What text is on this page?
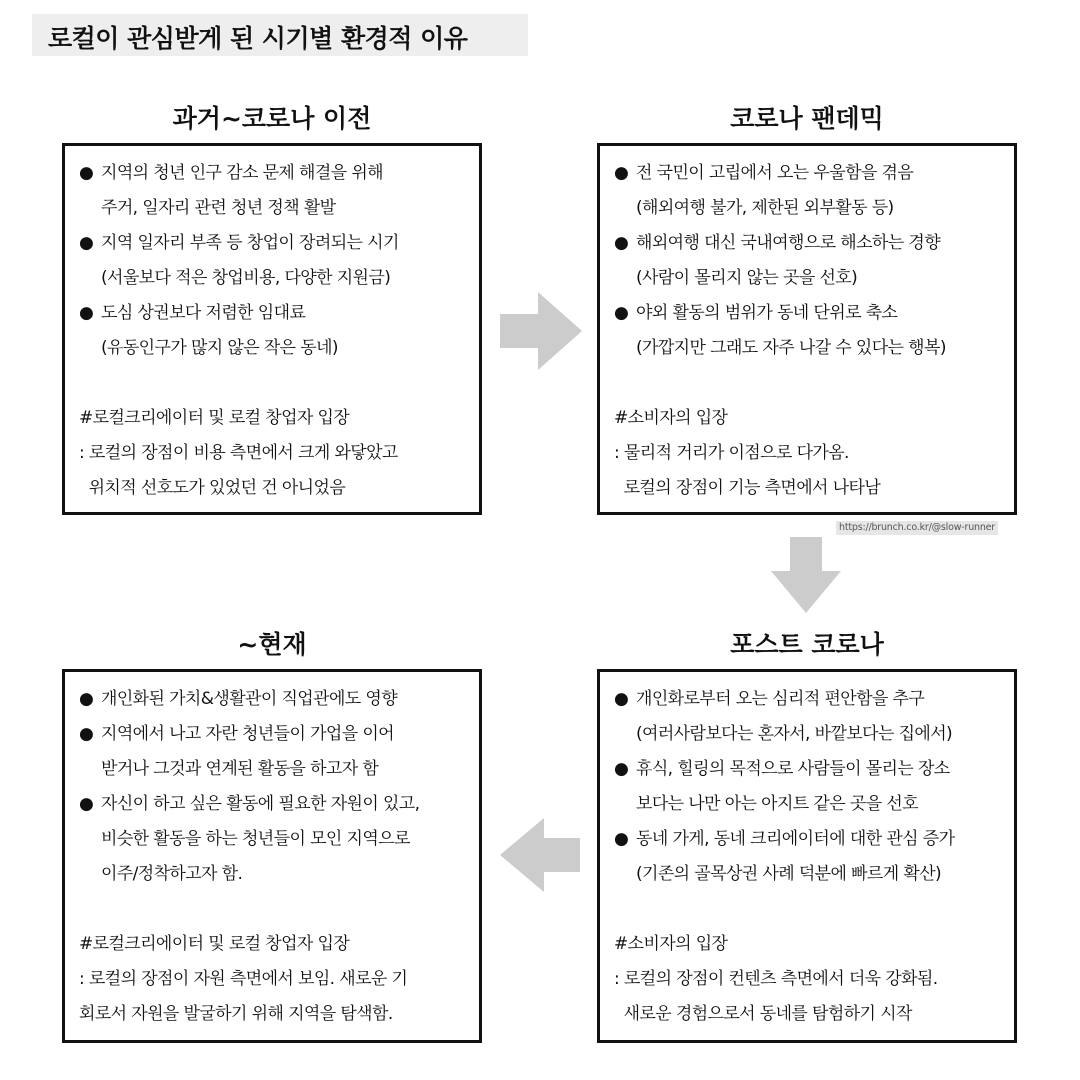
로컬이 관심받게 된 시기별 환경적 이유
과거~코로나 이전
● 지역의 청년 인구 감소 문제 해결을 위해
주거, 일자리 관련 청년 정책 활발
● 지역 일자리 부족 등 창업이 장려되는 시기
(서울보다 적은 창업비용, 다양한 지원금)
● 도심 상권보다 저렴한 임대료
(유동인구가 많지 않은 작은 동네)
#로컬크리에이터 및 로컬 창업자 입장
: 로컬의 장점이 비용 측면에서 크게 와닿았고
위치적 선호도가 있었던 건 아니었음
코로나 팬데믹
● 전 국민이 고립에서 오는 우울함을 겪음
(해외여행 불가, 제한된 외부활동 등)
● 해외여행 대신 국내여행으로 해소하는 경향
(사람이 몰리지 않는 곳을 선호)
● 야외 활동의 범위가 동네 단위로 축소
(가깝지만 그래도 자주 나갈 수 있다는 행복)
#소비자의 입장
: 물리적 거리가 이점으로 다가옴.
로컬의 장점이 기능 측면에서 나타남
~현재
● 개인화된 가치&생활관이 직업관에도 영향
● 지역에서 나고 자란 청년들이 가업을 이어
받거나 그것과 연계된 활동을 하고자 함
● 자신이 하고 싶은 활동에 필요한 자원이 있고,
비슷한 활동을 하는 청년들이 모인 지역으로
이주/정착하고자 함.
#로컬크리에이터 및 로컬 창업자 입장
: 로컬의 장점이 자원 측면에서 보임. 새로운 기
회로서 자원을 발굴하기 위해 지역을 탐색함.
포스트 코로나
● 개인화로부터 오는 심리적 편안함을 추구
(여러사람보다는 혼자서, 바깥보다는 집에서)
● 휴식, 힐링의 목적으로 사람들이 몰리는 장소
보다는 나만 아는 아지트 같은 곳을 선호
● 동네 가게, 동네 크리에이터에 대한 관심 증가
(기존의 골목상권 사례 덕분에 빠르게 확산)
#소비자의 입장
: 로컬의 장점이 컨텐츠 측면에서 더욱 강화됨.
새로운 경험으로서 동네를 탐험하기 시작
https://brunch.co.kr/@slow-runner
